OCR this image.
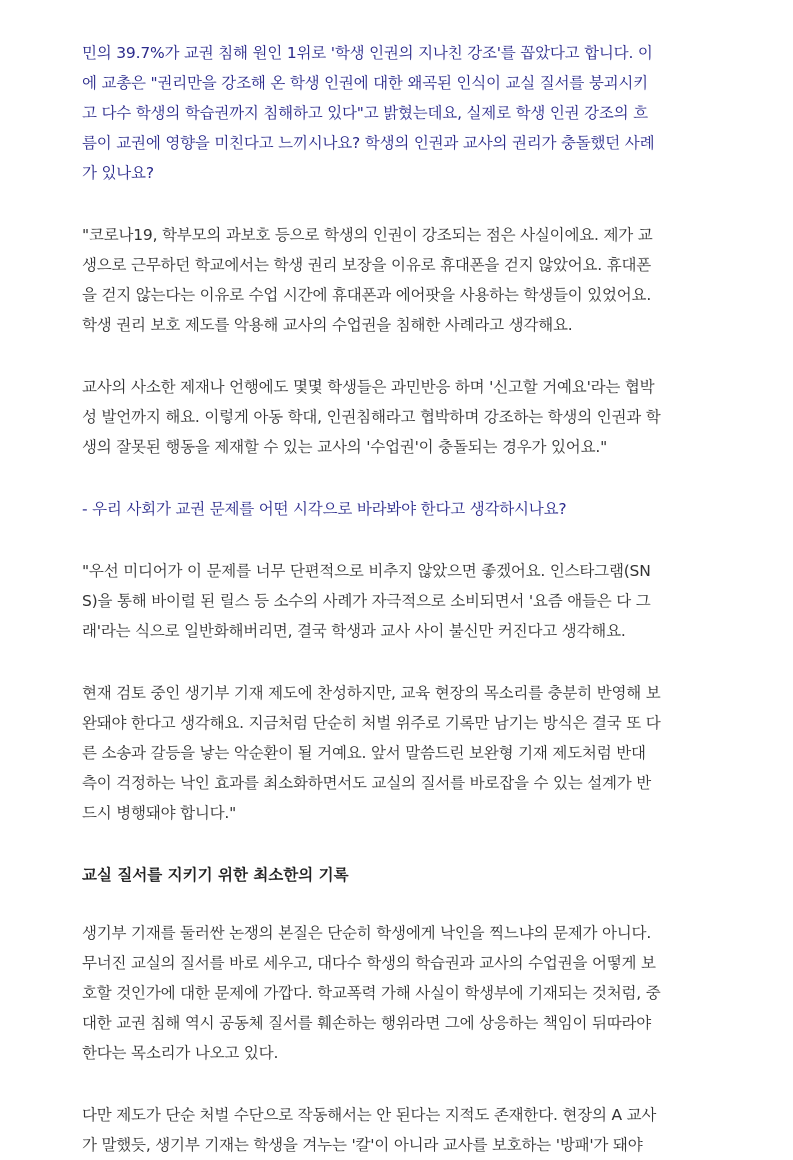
민의 39.7%가 교권 침해 원인 1위로 '학생 인권의 지나친 강조'를 꼽았다고 합니다. 이
에 교총은 "권리만을 강조해 온 학생 인권에 대한 왜곡된 인식이 교실 질서를 붕괴시키
고 다수 학생의 학습권까지 침해하고 있다"고 밝혔는데요, 실제로 학생 인권 강조의 흐
름이 교권에 영향을 미친다고 느끼시나요? 학생의 인권과 교사의 권리가 충돌했던 사례
가 있나요?

"코로나19, 학부모의 과보호 등으로 학생의 인권이 강조되는 점은 사실이에요. 제가 교
생으로 근무하던 학교에서는 학생 권리 보장을 이유로 휴대폰을 걷지 않았어요. 휴대폰
을 걷지 않는다는 이유로 수업 시간에 휴대폰과 에어팟을 사용하는 학생들이 있었어요.
학생 권리 보호 제도를 악용해 교사의 수업권을 침해한 사례라고 생각해요.

교사의 사소한 제재나 언행에도 몇몇 학생들은 과민반응 하며 '신고할 거예요'라는 협박
성 발언까지 해요. 이렇게 아동 학대, 인권침해라고 협박하며 강조하는 학생의 인권과 학
생의 잘못된 행동을 제재할 수 있는 교사의 '수업권'이 충돌되는 경우가 있어요."

- 우리 사회가 교권 문제를 어떤 시각으로 바라봐야 한다고 생각하시나요?

"우선 미디어가 이 문제를 너무 단편적으로 비추지 않았으면 좋겠어요. 인스타그램(SN
S)을 통해 바이럴 된 릴스 등 소수의 사례가 자극적으로 소비되면서 '요즘 애들은 다 그
래'라는 식으로 일반화해버리면, 결국 학생과 교사 사이 불신만 커진다고 생각해요.

현재 검토 중인 생기부 기재 제도에 찬성하지만, 교육 현장의 목소리를 충분히 반영해 보
완돼야 한다고 생각해요. 지금처럼 단순히 처벌 위주로 기록만 남기는 방식은 결국 또 다
른 소송과 갈등을 낳는 악순환이 될 거예요. 앞서 말씀드린 보완형 기재 제도처럼 반대
측이 걱정하는 낙인 효과를 최소화하면서도 교실의 질서를 바로잡을 수 있는 설계가 반
드시 병행돼야 합니다."

교실 질서를 지키기 위한 최소한의 기록

생기부 기재를 둘러싼 논쟁의 본질은 단순히 학생에게 낙인을 찍느냐의 문제가 아니다.
무너진 교실의 질서를 바로 세우고, 대다수 학생의 학습권과 교사의 수업권을 어떻게 보
호할 것인가에 대한 문제에 가깝다. 학교폭력 가해 사실이 학생부에 기재되는 것처럼, 중
대한 교권 침해 역시 공동체 질서를 훼손하는 행위라면 그에 상응하는 책임이 뒤따라야
한다는 목소리가 나오고 있다.

다만 제도가 단순 처벌 수단으로 작동해서는 안 된다는 지적도 존재한다. 현장의 A 교사
가 말했듯, 생기부 기재는 학생을 겨누는 '칼'이 아니라 교사를 보호하는 '방패'가 돼야
